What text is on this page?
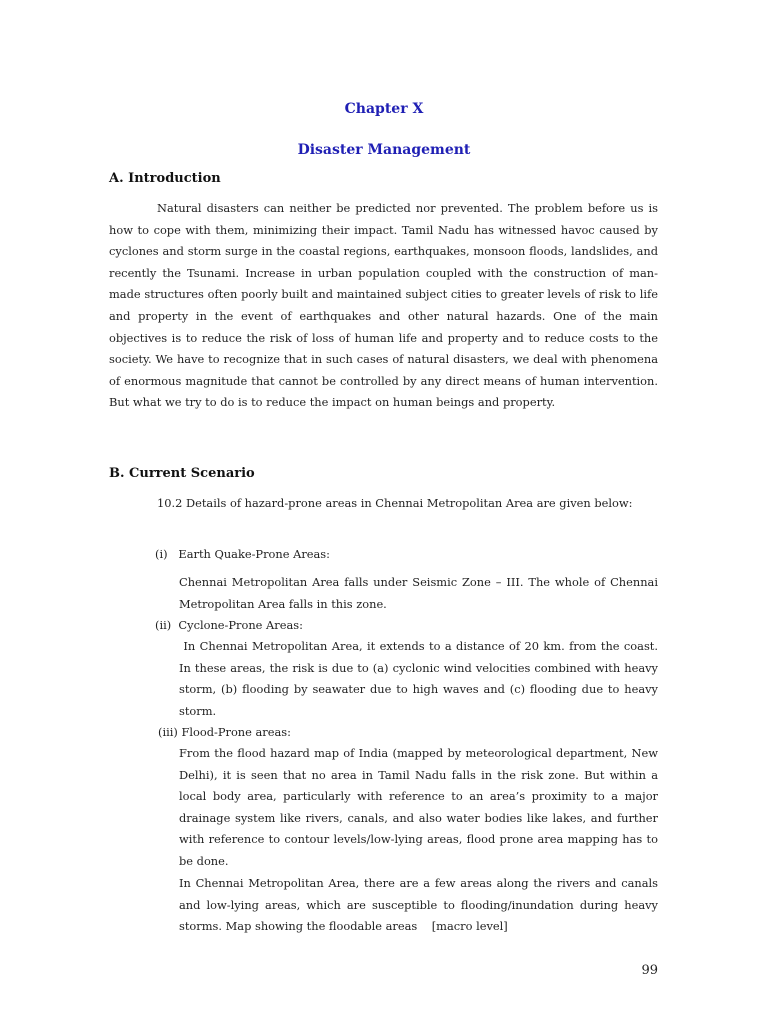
Chapter X
Disaster Management
A. Introduction
Natural disasters can neither be predicted nor prevented. The problem before us is how to cope with them, minimizing their impact. Tamil Nadu has witnessed havoc caused by cyclones and storm surge in the coastal regions, earthquakes, monsoon floods, landslides, and recently the Tsunami. Increase in urban population coupled with the construction of man-made structures often poorly built and maintained subject cities to greater levels of risk to life and property in the event of earthquakes and other natural hazards. One of the main objectives is to reduce the risk of loss of human life and property and to reduce costs to the society. We have to recognize that in such cases of natural disasters, we deal with phenomena of enormous magnitude that cannot be controlled by any direct means of human intervention. But what we try to do is to reduce the impact on human beings and property.
B. Current Scenario
10.2 Details of hazard-prone areas in Chennai Metropolitan Area are given below:
(i)   Earth Quake-Prone Areas:
Chennai Metropolitan Area falls under Seismic Zone – III. The whole of Chennai Metropolitan Area falls in this zone.
(ii)  Cyclone-Prone Areas:
In Chennai Metropolitan Area, it extends to a distance of 20 km. from the coast. In these areas, the risk is due to (a) cyclonic wind velocities combined with heavy storm, (b) flooding by seawater due to high waves and (c) flooding due to heavy storm.
(iii) Flood-Prone areas:
From the flood hazard map of India (mapped by meteorological department, New Delhi), it is seen that no area in Tamil Nadu falls in the risk zone. But within a local body area, particularly with reference to an area’s proximity to a major drainage system like rivers, canals, and also water bodies like lakes, and further with reference to contour levels/low-lying areas, flood prone area mapping has to be done.
In Chennai Metropolitan Area, there are a few areas along the rivers and canals and low-lying areas, which are susceptible to flooding/inundation during heavy storms. Map showing the floodable areas    [macro level]
99
